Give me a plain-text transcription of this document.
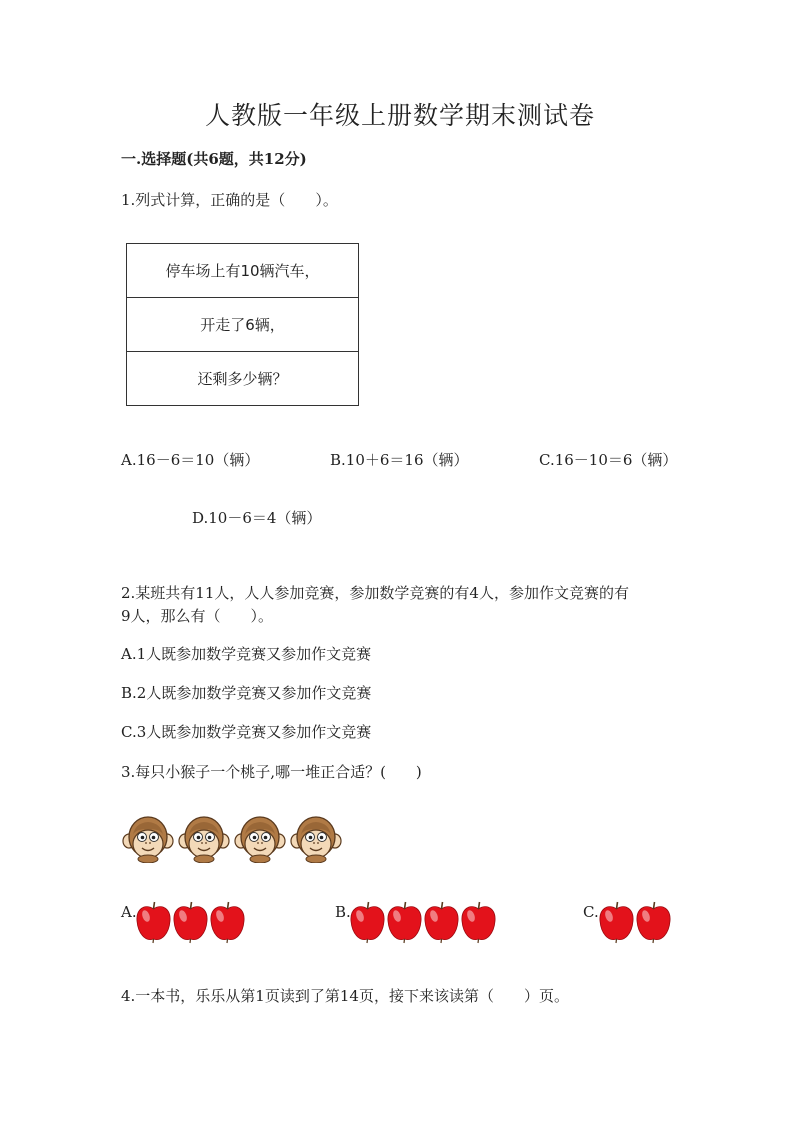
人教版一年级上册数学期末测试卷
一.选择题(共6题，共12分)
1.列式计算，正确的是（　　）。
停车场上有10辆汽车，
开走了6辆，
还剩多少辆？
A.16－6＝10（辆）	B.10＋6＝16（辆）	C.16－10＝6（辆）
D.10－6＝4（辆）
2.某班共有11人，人人参加竞赛，参加数学竞赛的有4人，参加作文竞赛的有
9人，那么有（　　）。
A.1人既参加数学竞赛又参加作文竞赛
B.2人既参加数学竞赛又参加作文竞赛
C.3人既参加数学竞赛又参加作文竞赛
3.每只小猴子一个桃子,哪一堆正合适？(　　)
A.	B.	C.
4.一本书，乐乐从第1页读到了第14页，接下来该读第（　　）页。
